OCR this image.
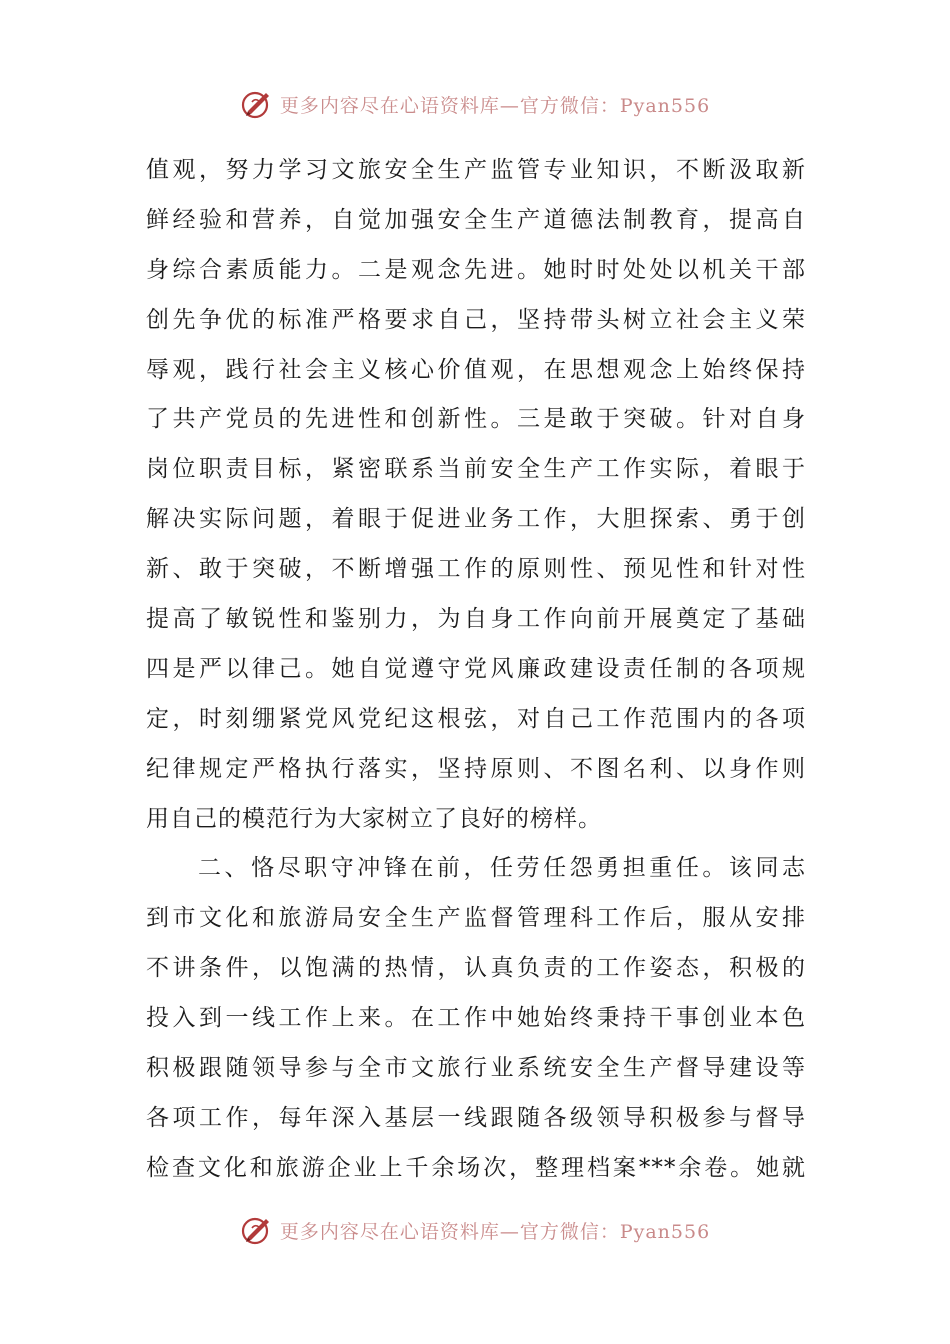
更多内容尽在心语资料库—官方微信：Pyan556
值观，努力学习文旅安全生产监管专业知识，不断汲取新
鲜经验和营养，自觉加强安全生产道德法制教育，提高自
身综合素质能力。二是观念先进。她时时处处以机关干部
创先争优的标准严格要求自己，坚持带头树立社会主义荣
辱观，践行社会主义核心价值观，在思想观念上始终保持
了共产党员的先进性和创新性。三是敢于突破。针对自身
岗位职责目标，紧密联系当前安全生产工作实际，着眼于
解决实际问题，着眼于促进业务工作，大胆探索、勇于创
新、敢于突破，不断增强工作的原则性、预见性和针对性
提高了敏锐性和鉴别力，为自身工作向前开展奠定了基础
四是严以律己。她自觉遵守党风廉政建设责任制的各项规
定，时刻绷紧党风党纪这根弦，对自己工作范围内的各项
纪律规定严格执行落实，坚持原则、不图名利、以身作则
用自己的模范行为大家树立了良好的榜样。
二、恪尽职守冲锋在前，任劳任怨勇担重任。该同志
到市文化和旅游局安全生产监督管理科工作后，服从安排
不讲条件，以饱满的热情，认真负责的工作姿态，积极的
投入到一线工作上来。在工作中她始终秉持干事创业本色
积极跟随领导参与全市文旅行业系统安全生产督导建设等
各项工作，每年深入基层一线跟随各级领导积极参与督导
检查文化和旅游企业上千余场次，整理档案***余卷。她就
更多内容尽在心语资料库—官方微信：Pyan556
